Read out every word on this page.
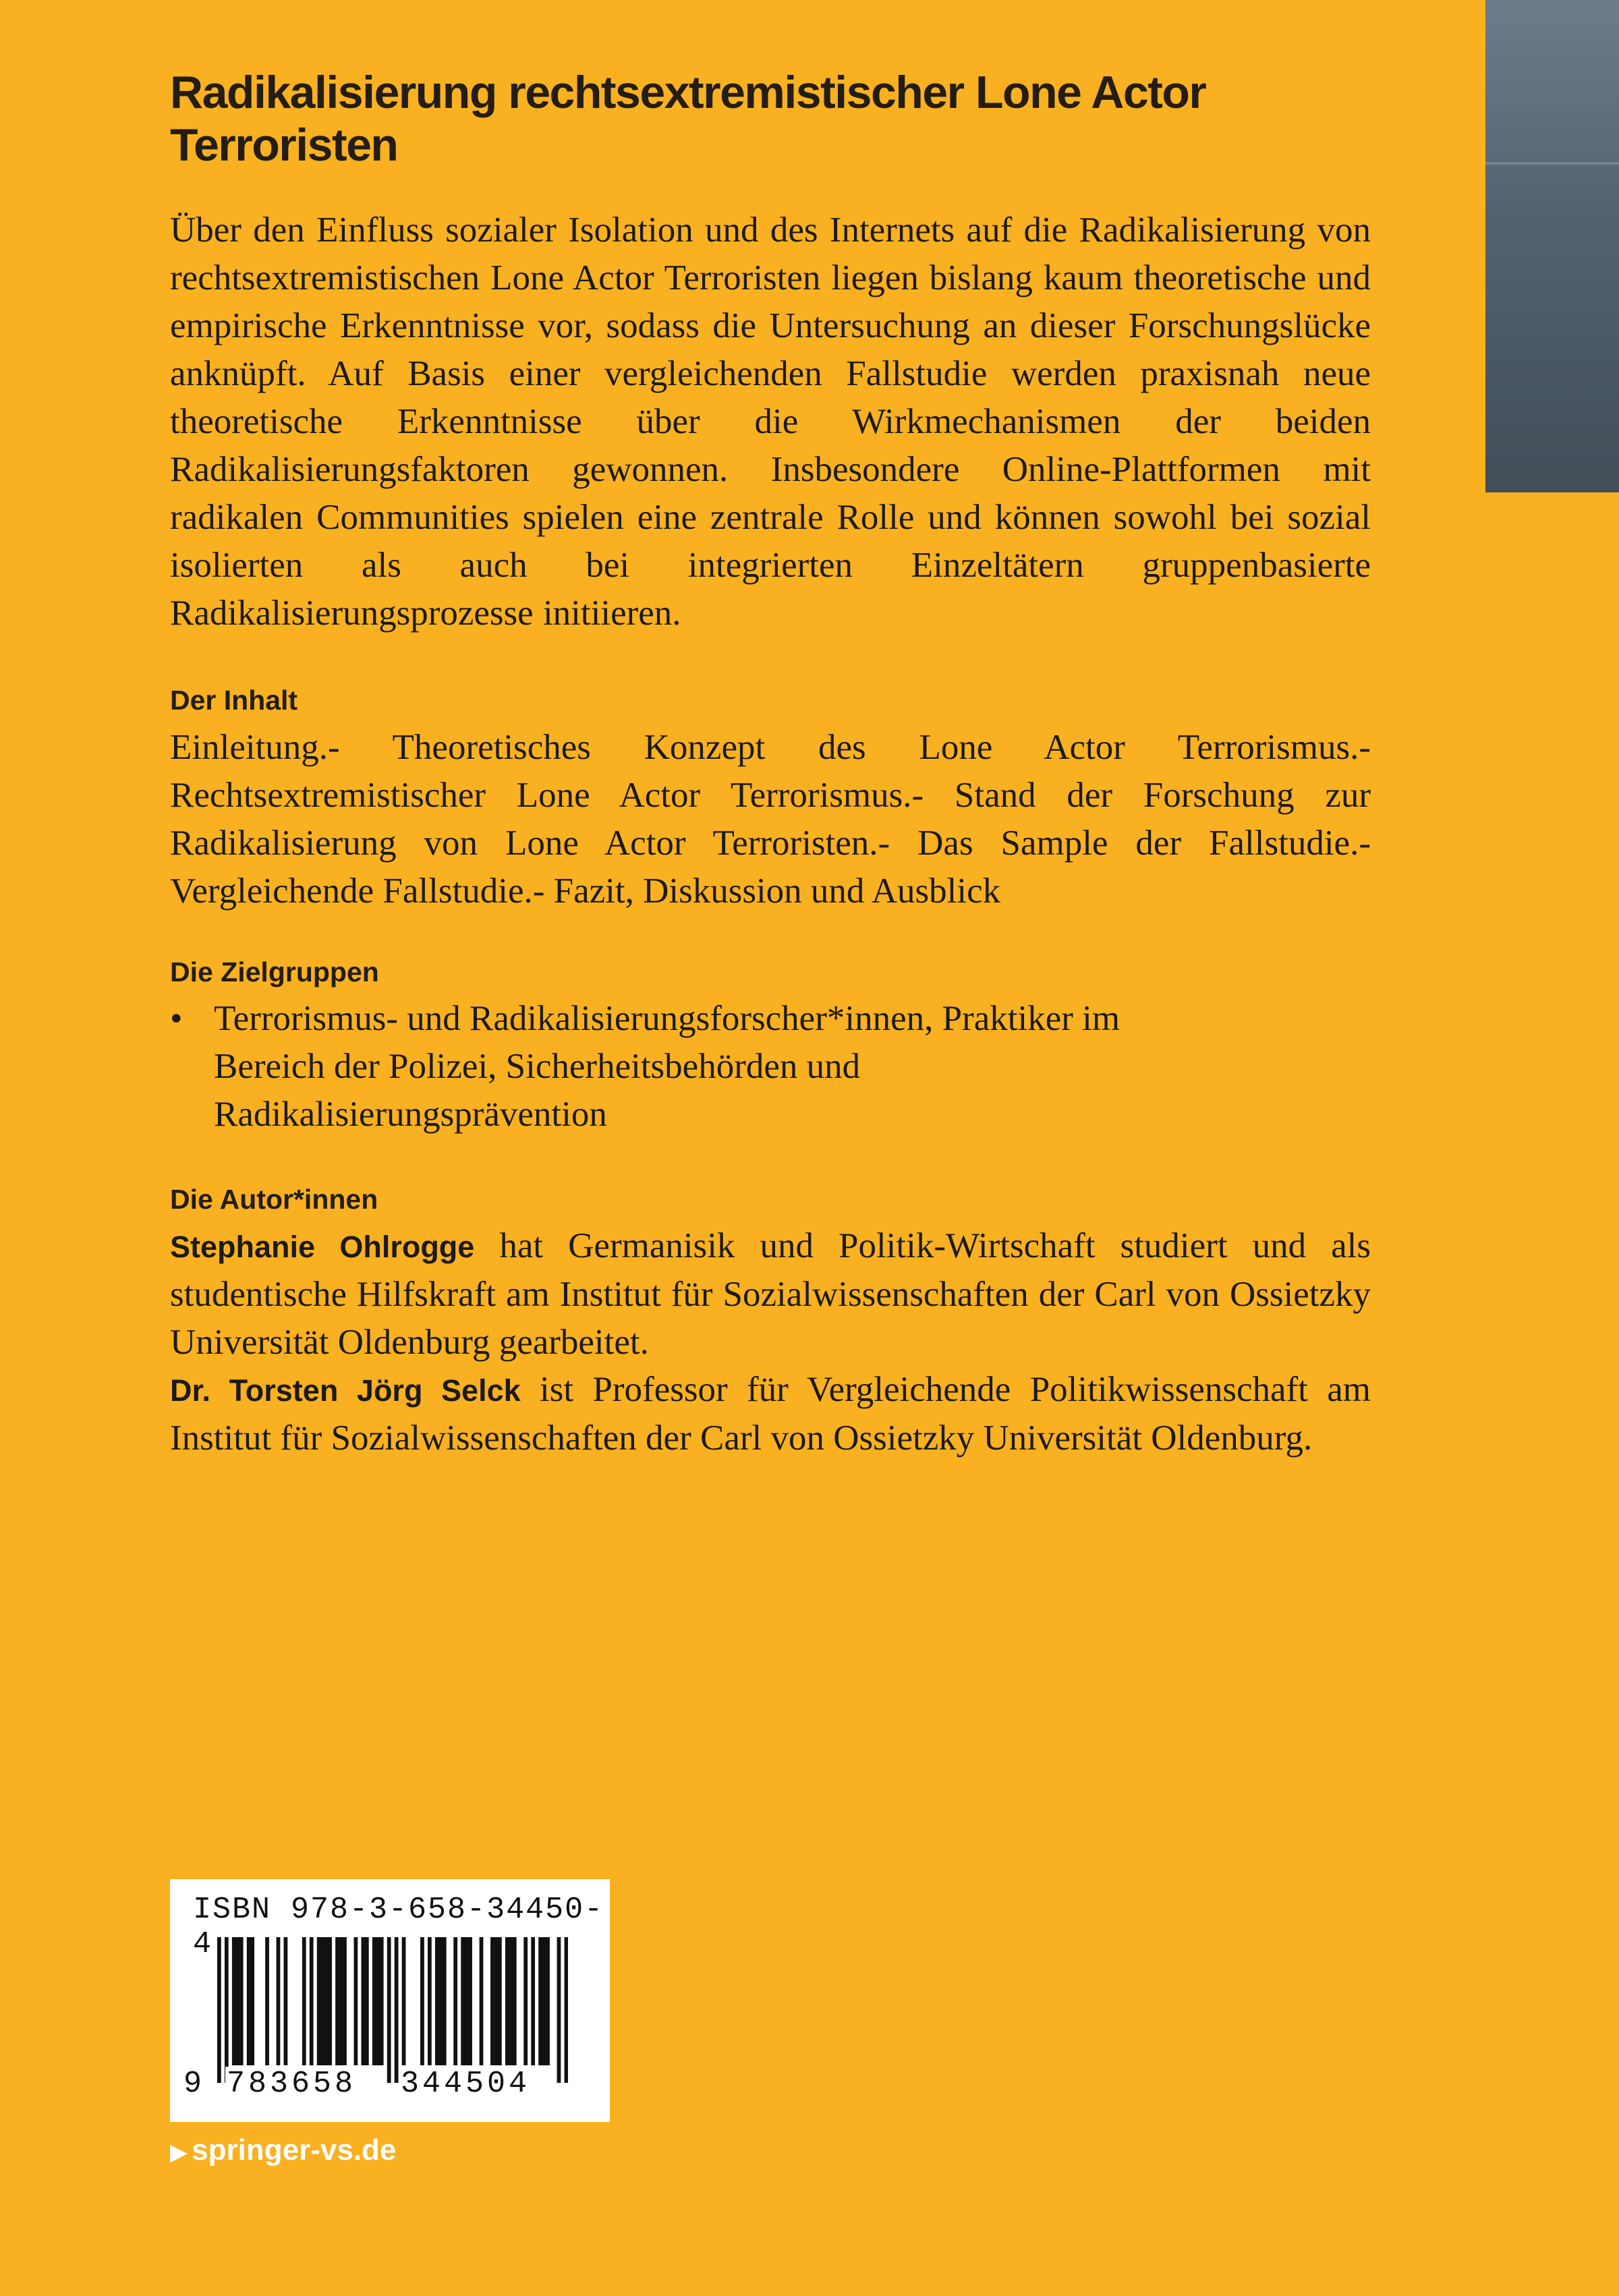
Radikalisierung rechtsextremistischer Lone Actor Terroristen
Über den Einfluss sozialer Isolation und des Internets auf die Radikalisierung von rechtsextremistischen Lone Actor Terroristen liegen bislang kaum theoretische und empirische Erkenntnisse vor, sodass die Untersuchung an dieser Forschungslücke anknüpft. Auf Basis einer vergleichenden Fallstudie werden praxisnah neue theoretische Erkenntnisse über die Wirkmechanismen der beiden Radikalisierungsfaktoren gewonnen. Insbesondere Online-Plattformen mit radikalen Communities spielen eine zentrale Rolle und können sowohl bei sozial isolierten als auch bei integrierten Einzeltätern gruppenbasierte Radikalisierungsprozesse initiieren.
Der Inhalt
Einleitung.- Theoretisches Konzept des Lone Actor Terrorismus.- Rechtsextremistischer Lone Actor Terrorismus.- Stand der Forschung zur Radikalisierung von Lone Actor Terroristen.- Das Sample der Fallstudie.- Vergleichende Fallstudie.- Fazit, Diskussion und Ausblick
Die Zielgruppen
• Terrorismus- und Radikalisierungsforscher*innen, Praktiker im Bereich der Polizei, Sicherheitsbehörden und Radikalisierungsprävention
Die Autor*innen
Stephanie Ohlrogge hat Germanisik und Politik-Wirtschaft studiert und als studentische Hilfskraft am Institut für Sozialwissenschaften der Carl von Ossietzky Universität Oldenburg gearbeitet.
Dr. Torsten Jörg Selck ist Professor für Vergleichende Politikwissenschaft am Institut für Sozialwissenschaften der Carl von Ossietzky Universität Oldenburg.
ISBN 978-3-658-34450-4
9 783658 344504
▶ springer-vs.de
